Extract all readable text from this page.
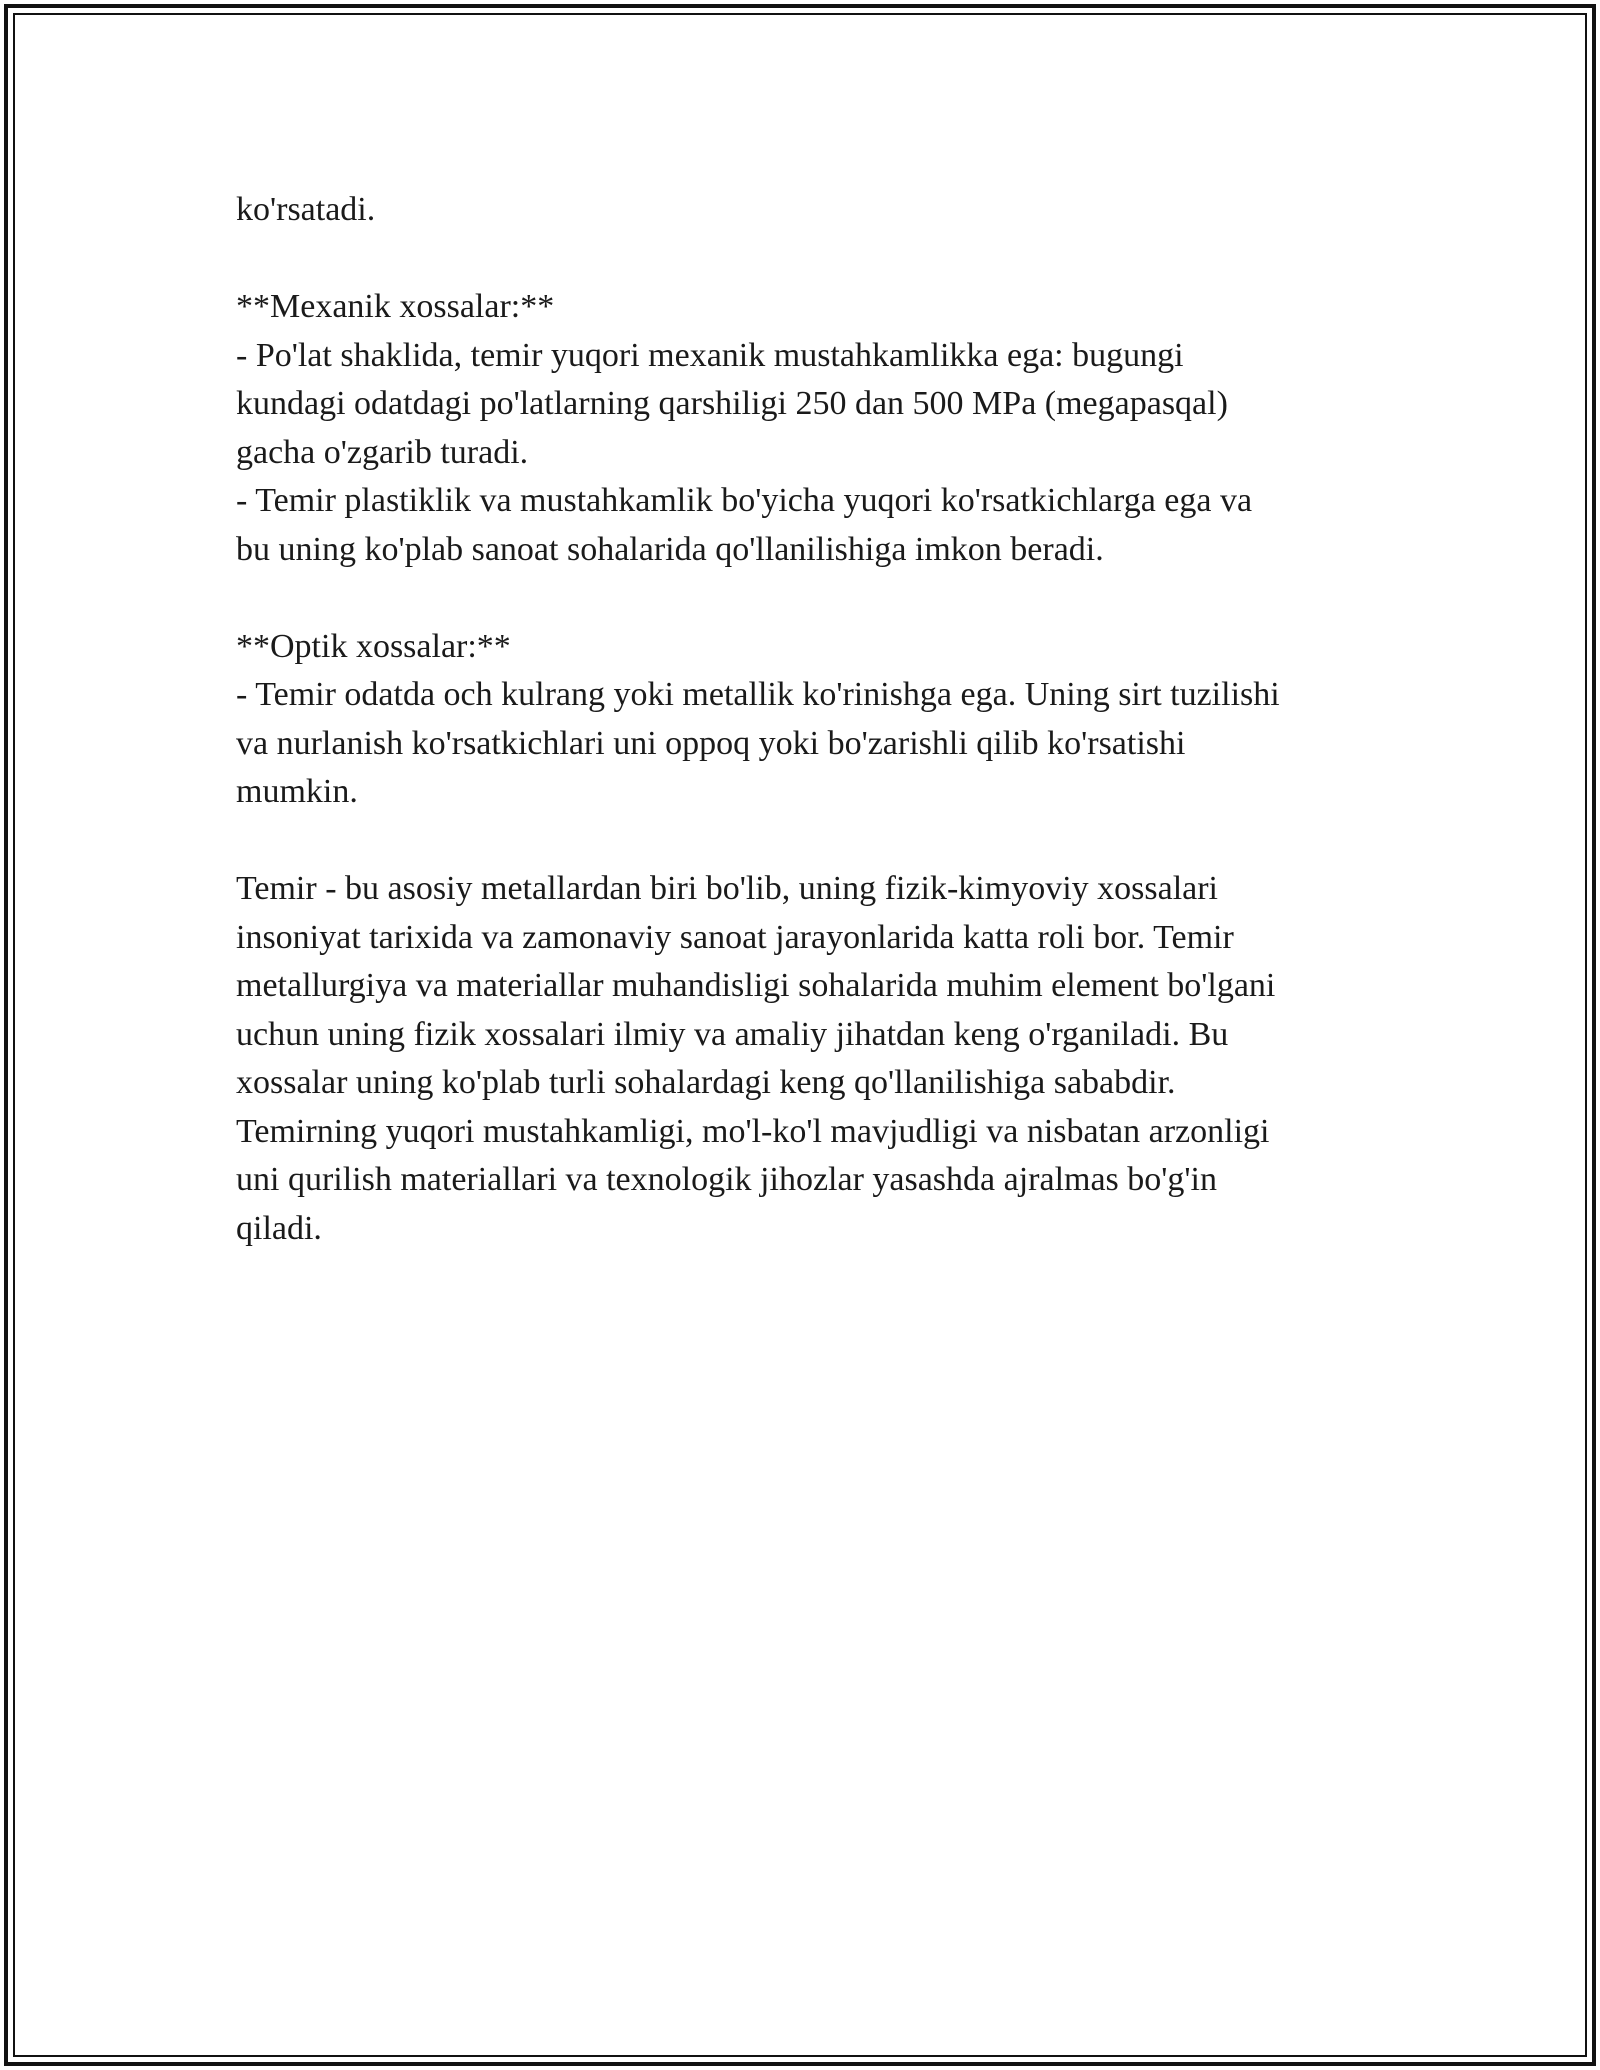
ko'rsatadi.
**Mexanik xossalar:**
- Po'lat shaklida, temir yuqori mexanik mustahkamlikka ega: bugungi
kundagi odatdagi po'latlarning qarshiligi 250 dan 500 MPa (megapasqal)
gacha o'zgarib turadi.
- Temir plastiklik va mustahkamlik bo'yicha yuqori ko'rsatkichlarga ega va
bu uning ko'plab sanoat sohalarida qo'llanilishiga imkon beradi.
**Optik xossalar:**
- Temir odatda och kulrang yoki metallik ko'rinishga ega. Uning sirt tuzilishi
va nurlanish ko'rsatkichlari uni oppoq yoki bo'zarishli qilib ko'rsatishi
mumkin.
Temir - bu asosiy metallardan biri bo'lib, uning fizik-kimyoviy xossalari
insoniyat tarixida va zamonaviy sanoat jarayonlarida katta roli bor. Temir
metallurgiya va materiallar muhandisligi sohalarida muhim element bo'lgani
uchun uning fizik xossalari ilmiy va amaliy jihatdan keng o'rganiladi. Bu
xossalar uning ko'plab turli sohalardagi keng qo'llanilishiga sababdir.
Temirning yuqori mustahkamligi, mo'l-ko'l mavjudligi va nisbatan arzonligi
uni qurilish materiallari va texnologik jihozlar yasashda ajralmas bo'g'in
qiladi.
